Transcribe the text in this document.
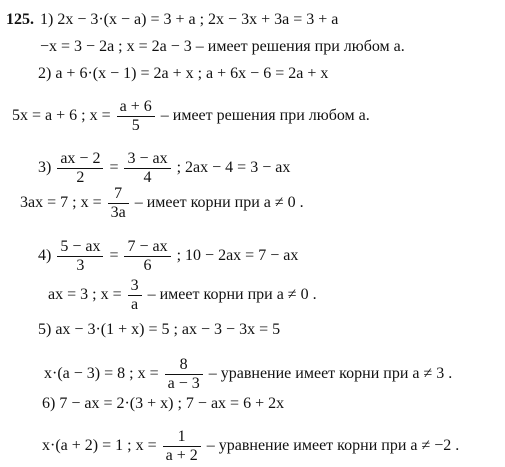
125. 1) 2x − 3·(x − a) = 3 + a ; 2x − 3x + 3a = 3 + a
−x = 3 − 2a ; x = 2a − 3 – имеет решения при любом a.
2) a + 6·(x − 1) = 2a + x ; a + 6x − 6 = 2a + x
5x = a + 6 ; $x = \frac{a + 6}{5}$ – имеет решения при любом a.
$3) \frac{ax - 2}{2} = \frac{3 - ax}{4}$ ; 2ax − 4 = 3 − ax
3ax = 7 ; $x = \frac{7}{3a}$ – имеет корни при a ≠ 0 .
$4) \frac{5 - ax}{3} = \frac{7 - ax}{6}$ ; 10 − 2ax = 7 − ax
ax = 3 ; $x = \frac{3}{a}$ – имеет корни при a ≠ 0 .
5) ax − 3·(1 + x) = 5 ; ax − 3 − 3x = 5
x·(a − 3) = 8 ; $x = \frac{8}{a - 3}$ – уравнение имеет корни при a ≠ 3 .
6) 7 − ax = 2·(3 + x) ; 7 − ax = 6 + 2x
x·(a + 2) = 1 ; $x = \frac{1}{a + 2}$ – уравнение имеет корни при a ≠ −2 .
